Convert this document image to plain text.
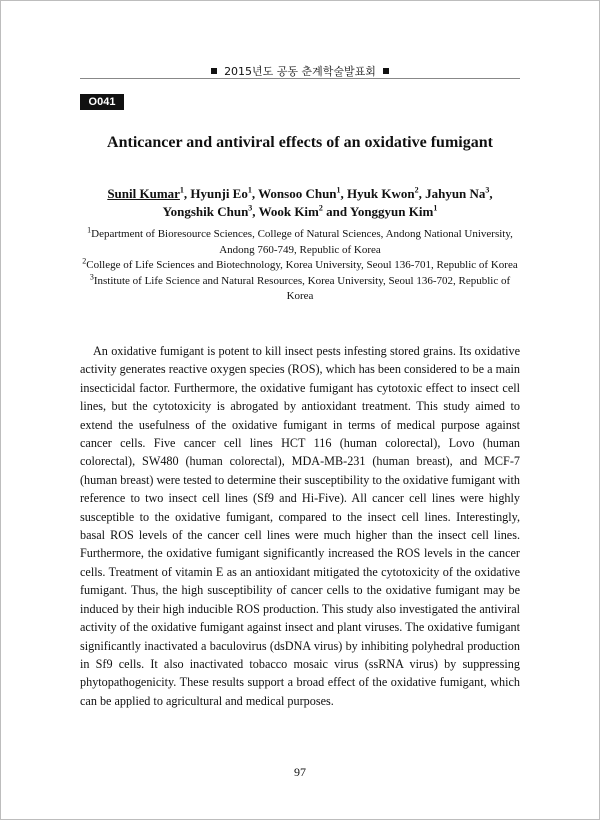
2015년도 공동 춘계학술발표회
O041
Anticancer and antiviral effects of an oxidative fumigant
Sunil Kumar$^1$, Hyunji Eo$^1$, Wonsoo Chun$^1$, Hyuk Kwon$^2$, Jahyun Na$^3$,
Yongshik Chun$^3$, Wook Kim$^2$ and Yonggyun Kim$^1$

$^1$Department of Bioresource Sciences, College of Natural Sciences, Andong National University, Andong 760-749, Republic of Korea

$^2$College of Life Sciences and Biotechnology, Korea University, Seoul 136-701, Republic of Korea

$^3$Institute of Life Science and Natural Resources, Korea University, Seoul 136-702, Republic of Korea

An oxidative fumigant is potent to kill insect pests infesting stored grains. Its oxidative activity generates reactive oxygen species (ROS), which has been considered to be a main insecticidal factor. Furthermore, the oxidative fumigant has cytotoxic effect to insect cell lines, but the cytotoxicity is abrogated by antioxidant treatment. This study aimed to extend the usefulness of the oxidative fumigant in terms of medical purpose against cancer cells. Five cancer cell lines HCT 116 (human colorectal), Lovo (human colorectal), SW480 (human colorectal), MDA-MB-231 (human breast), and MCF-7 (human breast) were tested to determine their susceptibility to the oxidative fumigant with reference to two insect cell lines (Sf9 and Hi-Five). All cancer cell lines were highly susceptible to the oxidative fumigant, compared to the insect cell lines. Interestingly, basal ROS levels of the cancer cell lines were much higher than the insect cell lines. Furthermore, the oxidative fumigant significantly increased the ROS levels in the cancer cells. Treatment of vitamin E as an antioxidant mitigated the cytotoxicity of the oxidative fumigant. Thus, the high susceptibility of cancer cells to the oxidative fumigant may be induced by their high inducible ROS production. This study also investigated the antiviral activity of the oxidative fumigant against insect and plant viruses. The oxidative fumigant significantly inactivated a baculovirus (dsDNA virus) by inhibiting polyhedral production in Sf9 cells. It also inactivated tobacco mosaic virus (ssRNA virus) by suppressing phytopathogenicity. These results support a broad effect of the oxidative fumigant, which can be applied to agricultural and medical purposes.

97
